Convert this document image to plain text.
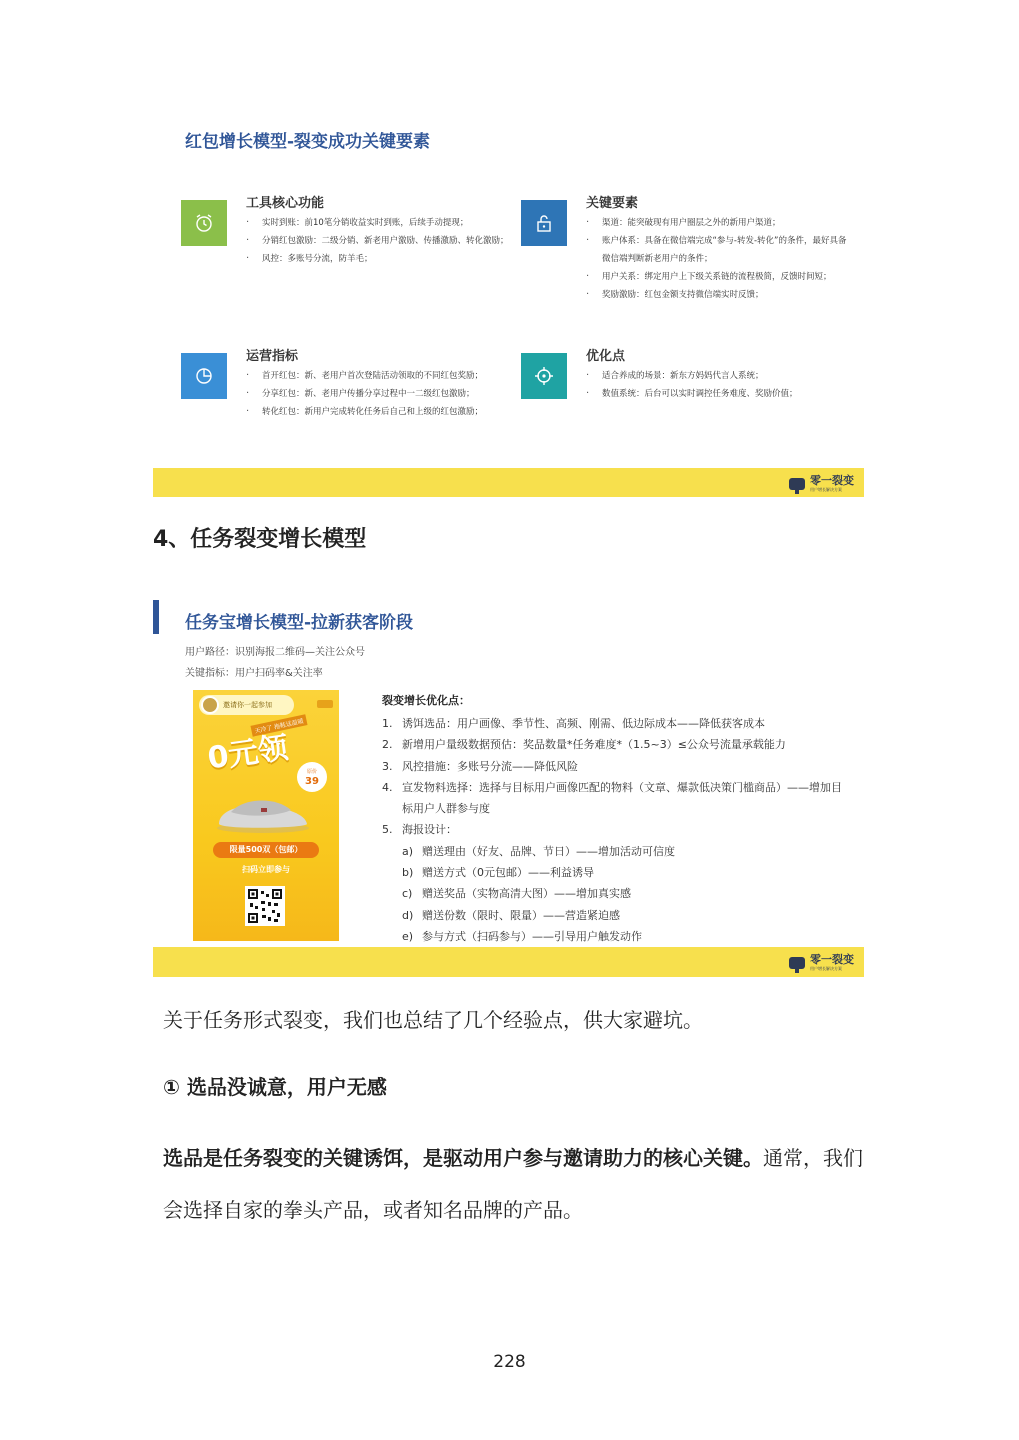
红包增长模型-裂变成功关键要素
工具核心功能
· 实时到账：前10笔分销收益实时到账，后续手动提现；
· 分销红包激励：二级分销、新老用户激励、传播激励、转化激励；
· 风控：多账号分流，防羊毛；
关键要素
· 渠道：能突破现有用户圈层之外的新用户渠道；
· 账户体系：具备在微信端完成“参与-转发-转化”的条件，最好具备微信端判断新老用户的条件；
· 用户关系：绑定用户上下级关系链的流程极简，反馈时间短；
· 奖励激励：红包金额支持微信端实时反馈；
运营指标
· 首开红包：新、老用户首次登陆活动领取的不同红包奖励；
· 分享红包：新、老用户传播分享过程中一二级红包激励；
· 转化红包：新用户完成转化任务后自己和上级的红包激励；
优化点
· 适合养成的场景：新东方妈妈代言人系统；
· 数值系统：后台可以实时调控任务难度、奖励价值；
零一裂变
用户增长解决方案
4、任务裂变增长模型
任务宝增长模型-拉新获客阶段
用户路径：识别海报二维码—关注公众号
关键指标：用户扫码率&关注率
邀请你一起参加
天冷了 拖鞋送温暖
0元领	原价
39
限量500双（包邮）
扫码立即参与
裂变增长优化点：
1. 诱饵选品：用户画像、季节性、高频、刚需、低边际成本——降低获客成本
2. 新增用户量级数据预估：奖品数量*任务难度*（1.5~3）≤公众号流量承载能力
3. 风控措施：多账号分流——降低风险
4. 宣发物料选择：选择与目标用户画像匹配的物料（文章、爆款低决策门槛商品）——增加目标用户人群参与度
5. 海报设计：
a) 赠送理由（好友、品牌、节日）——增加活动可信度
b) 赠送方式（0元包邮）——利益诱导
c) 赠送奖品（实物高清大图）——增加真实感
d) 赠送份数（限时、限量）——营造紧迫感
e) 参与方式（扫码参与）——引导用户触发动作
零一裂变
用户增长解决方案
关于任务形式裂变，我们也总结了几个经验点，供大家避坑。
① 选品没诚意，用户无感
选品是任务裂变的关键诱饵，是驱动用户参与邀请助力的核心关键。通常，我们会选择自家的拳头产品，或者知名品牌的产品。
228
